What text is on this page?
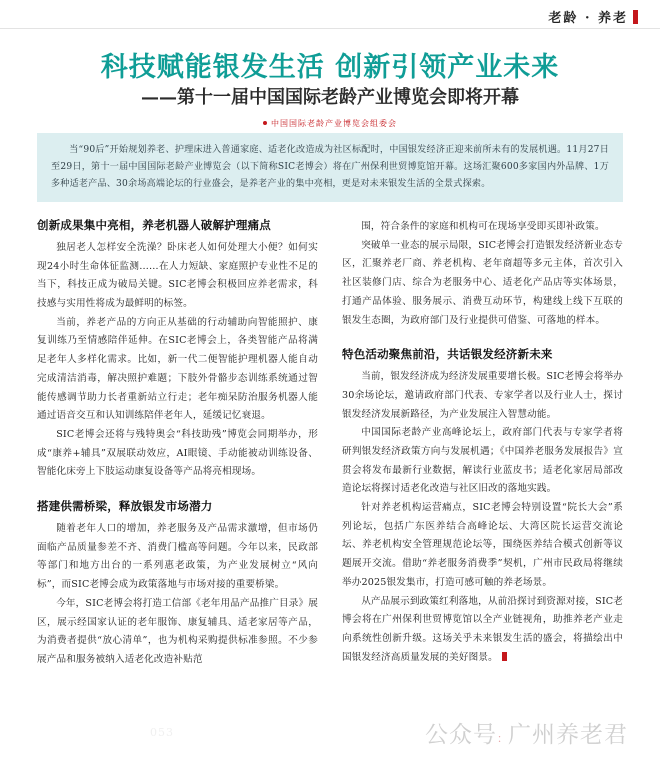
老龄 · 养老
科技赋能银发生活 创新引领产业未来
——第十一届中国国际老龄产业博览会即将开幕
中国国际老龄产业博览会组委会

当“90后”开始规划养老、护理床进入普通家庭、适老化改造成为社区标配时，中国银发经济正迎来前所未有的发展机遇。11月27日至29日，第十一届中国国际老龄产业博览会（以下简称SIC老博会）将在广州保利世贸博览馆开幕。这场汇聚600多家国内外品牌、1万多种适老产品、30余场高端论坛的行业盛会，是养老产业的集中亮相，更是对未来银发生活的全景式探索。

创新成果集中亮相，养老机器人破解护理痛点

独居老人怎样安全洗澡？卧床老人如何处理大小便？如何实现24小时生命体征监测……在人力短缺、家庭照护专业性不足的当下，科技正成为破局关键。SIC老博会积极回应养老需求，科技感与实用性将成为最鲜明的标签。

当前，养老产品的方向正从基础的行动辅助向智能照护、康复训练乃至情感陪伴延伸。在SIC老博会上，各类智能产品将满足老年人多样化需求。比如，新一代二便智能护理机器人能自动完成清洁消毒，解决照护难题；下肢外骨骼步态训练系统通过智能传感调节助力长者重新站立行走；老年痴呆防治服务机器人能通过语音交互和认知训练陪伴老年人，延缓记忆衰退。

SIC老博会还将与残特奥会“科技助残”博览会同期举办，形成“康养+辅具”双展联动效应，AI眼镜、手动能被动训练设备、智能化床旁上下肢运动康复设备等产品将亮相现场。

搭建供需桥梁，释放银发市场潜力

随着老年人口的增加，养老服务及产品需求激增，但市场仍面临产品质量参差不齐、消费门槛高等问题。今年以来，民政部等部门和地方出台的一系列惠老政策，为产业发展树立“风向标”，而SIC老博会成为政策落地与市场对接的重要桥梁。

今年，SIC老博会将打造工信部《老年用品产品推广目录》展区，展示经国家认证的老年服饰、康复辅具、适老家居等产品，为消费者提供“放心清单”，也为机构采购提供标准参照。不少参展产品和服务被纳入适老化改造补贴范

围，符合条件的家庭和机构可在现场享受即买即补政策。

突破单一业态的展示局限，SIC老博会打造银发经济新业态专区，汇聚养老厂商、养老机构、老年商超等多元主体，首次引入社区装修门店、综合为老服务中心、适老化产品店等实体场景，打通产品体验、服务展示、消费互动环节，构建线上线下互联的银发生态圈，为政府部门及行业提供可借鉴、可落地的样本。

特色活动聚焦前沿，共话银发经济新未来

当前，银发经济成为经济发展重要增长极。SIC老博会将举办30余场论坛，邀请政府部门代表、专家学者以及行业人士，探讨银发经济发展新路径，为产业发展注入智慧动能。

中国国际老龄产业高峰论坛上，政府部门代表与专家学者将研判银发经济政策方向与发展机遇；《中国养老服务发展报告》宣贯会将发布最新行业数据，解读行业蓝皮书；适老化家居局部改造论坛将探讨适老化改造与社区旧改的落地实践。

针对养老机构运营痛点，SIC老博会特别设置“院长大会”系列论坛，包括广东医养结合高峰论坛、大湾区院长运营交流论坛、养老机构安全管理规范论坛等，围绕医养结合模式创新等议题展开交流。借助“养老服务消费季”契机，广州市民政局将继续举办2025银发集市，打造可感可触的养老场景。

从产品展示到政策红利落地，从前沿探讨到资源对接，SIC老博会将在广州保利世贸博览馆以全产业链视角，助推养老产业走向系统性创新升级。这场关乎未来银发生活的盛会，将描绘出中国银发经济高质量发展的美好图景。

公众号：广州养老君
053
